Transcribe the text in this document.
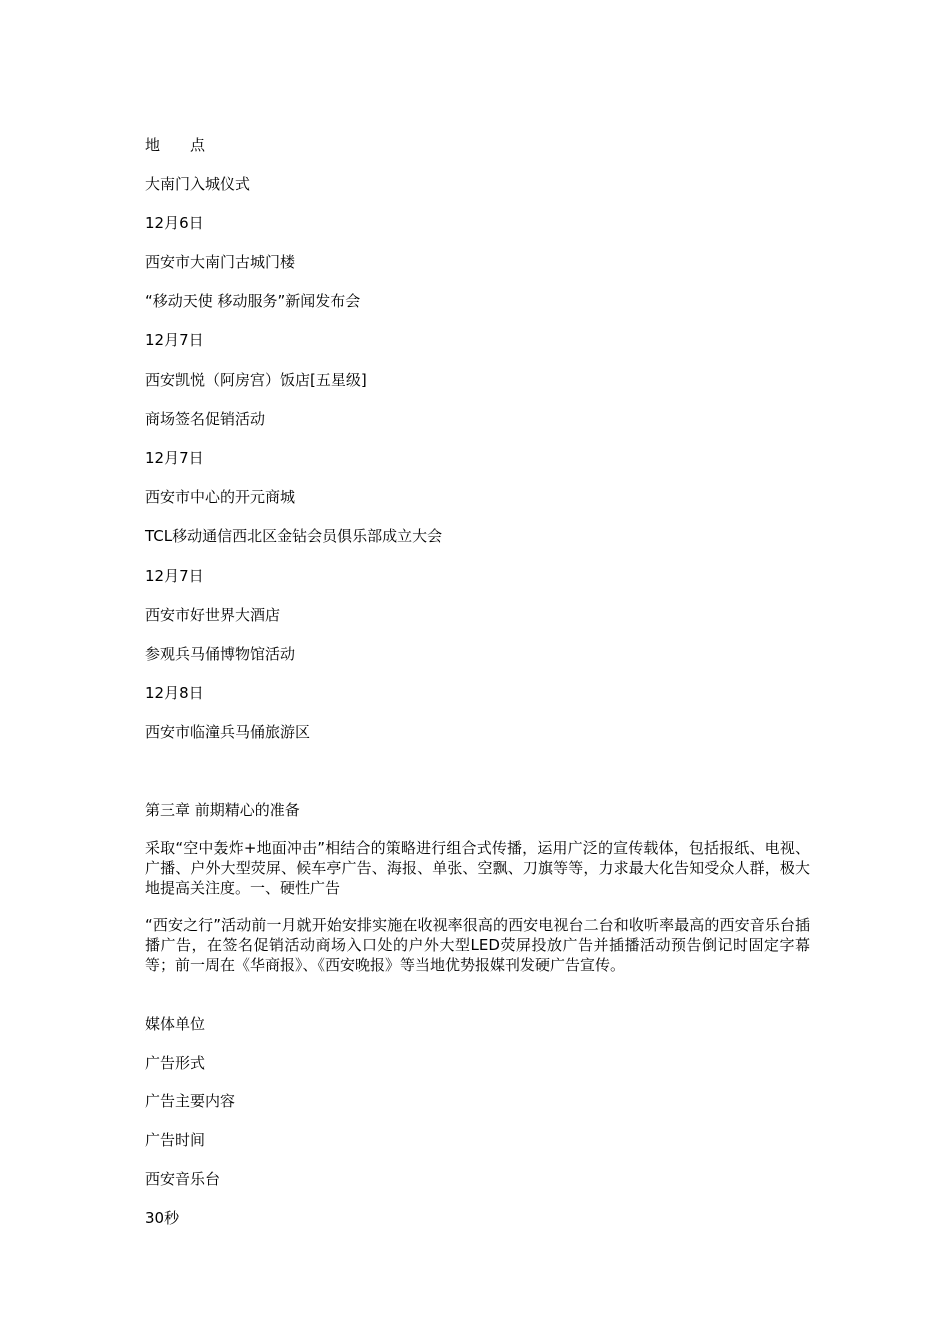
地 点
大南门入城仪式
12月6日
西安市大南门古城门楼
“移动天使 移动服务”新闻发布会
12月7日
西安凯悦（阿房宫）饭店[五星级]
商场签名促销活动
12月7日
西安市中心的开元商城
TCL移动通信西北区金钻会员俱乐部成立大会
12月7日
西安市好世界大酒店
参观兵马俑博物馆活动
12月8日
西安市临潼兵马俑旅游区
第三章 前期精心的准备
采取“空中轰炸+地面冲击”相结合的策略进行组合式传播，运用广泛的宣传载体，包括报纸、电视、广播、户外大型荧屏、候车亭广告、海报、单张、空飘、刀旗等等，力求最大化告知受众人群，极大地提高关注度。一、硬性广告
“西安之行”活动前一月就开始安排实施在收视率很高的西安电视台二台和收听率最高的西安音乐台插播广告，在签名促销活动商场入口处的户外大型LED荧屏投放广告并插播活动预告倒记时固定字幕等；前一周在《华商报》、《西安晚报》等当地优势报媒刊发硬广告宣传。
媒体单位
广告形式
广告主要内容
广告时间
西安音乐台
30秒
